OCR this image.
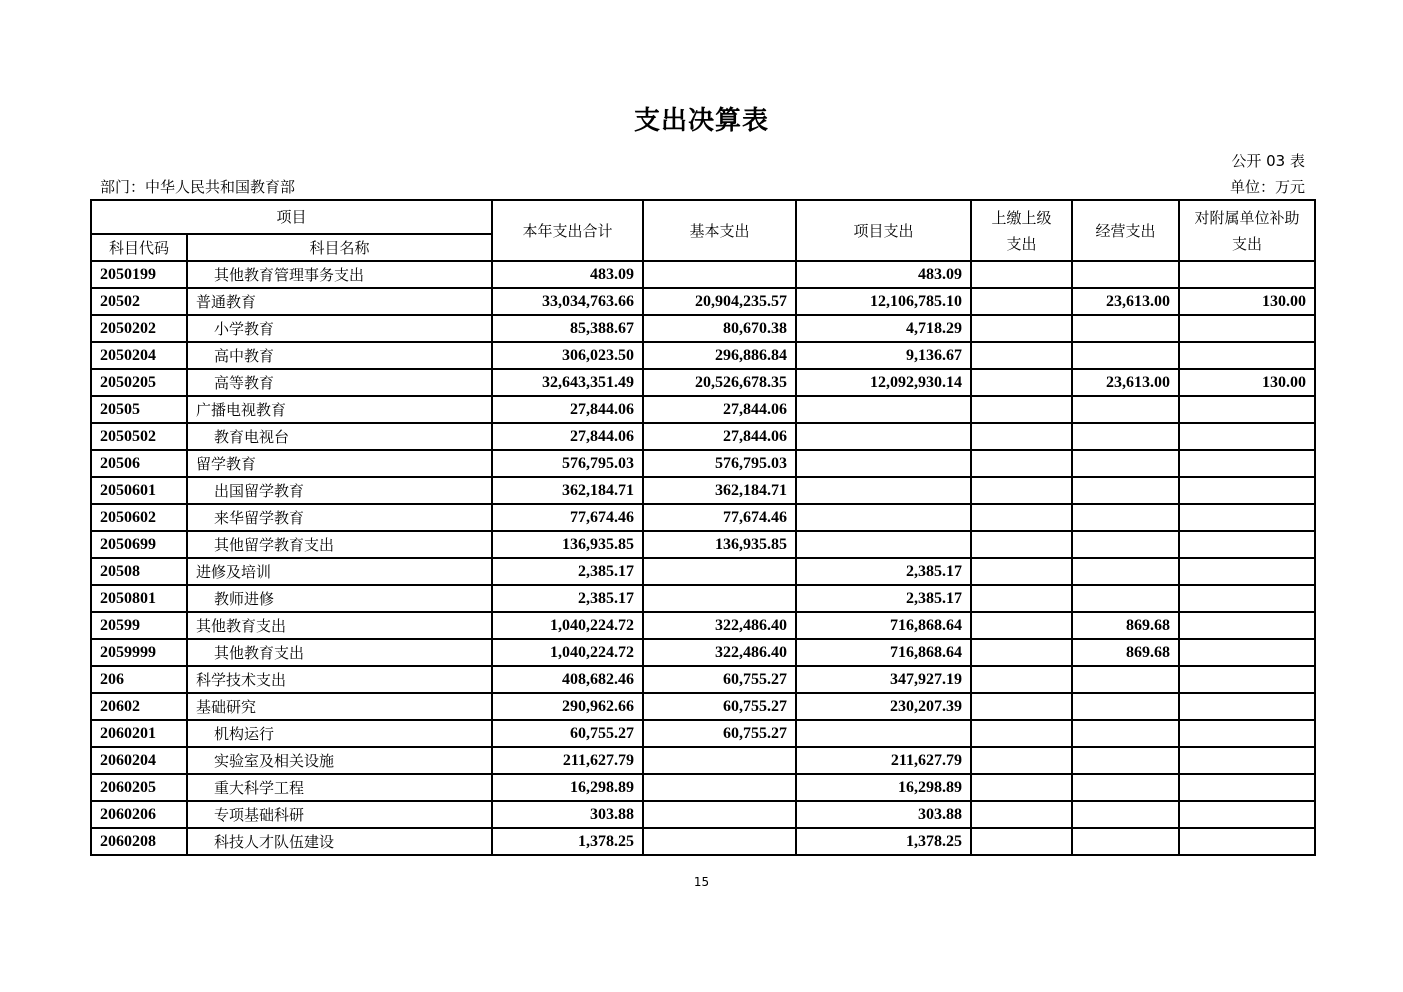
支出决算表
公开 03 表
部门：中华人民共和国教育部	单位：万元
项目		本年支出合计	基本支出	项目支出	上缴上级
支出	经营支出	对附属单位补助
支出
科目代码	科目名称						
2050199	其他教育管理事务支出	483.09		483.09			
20502	普通教育	33,034,763.66	20,904,235.57	12,106,785.10		23,613.00	130.00
2050202	小学教育	85,388.67	80,670.38	4,718.29			
2050204	高中教育	306,023.50	296,886.84	9,136.67			
2050205	高等教育	32,643,351.49	20,526,678.35	12,092,930.14		23,613.00	130.00
20505	广播电视教育	27,844.06	27,844.06				
2050502	教育电视台	27,844.06	27,844.06				
20506	留学教育	576,795.03	576,795.03				
2050601	出国留学教育	362,184.71	362,184.71				
2050602	来华留学教育	77,674.46	77,674.46				
2050699	其他留学教育支出	136,935.85	136,935.85				
20508	进修及培训	2,385.17		2,385.17			
2050801	教师进修	2,385.17		2,385.17			
20599	其他教育支出	1,040,224.72	322,486.40	716,868.64		869.68	
2059999	其他教育支出	1,040,224.72	322,486.40	716,868.64		869.68	
206	科学技术支出	408,682.46	60,755.27	347,927.19			
20602	基础研究	290,962.66	60,755.27	230,207.39			
2060201	机构运行	60,755.27	60,755.27				
2060204	实验室及相关设施	211,627.79		211,627.79			
2060205	重大科学工程	16,298.89		16,298.89			
2060206	专项基础科研	303.88		303.88			
2060208	科技人才队伍建设	1,378.25		1,378.25			
15
